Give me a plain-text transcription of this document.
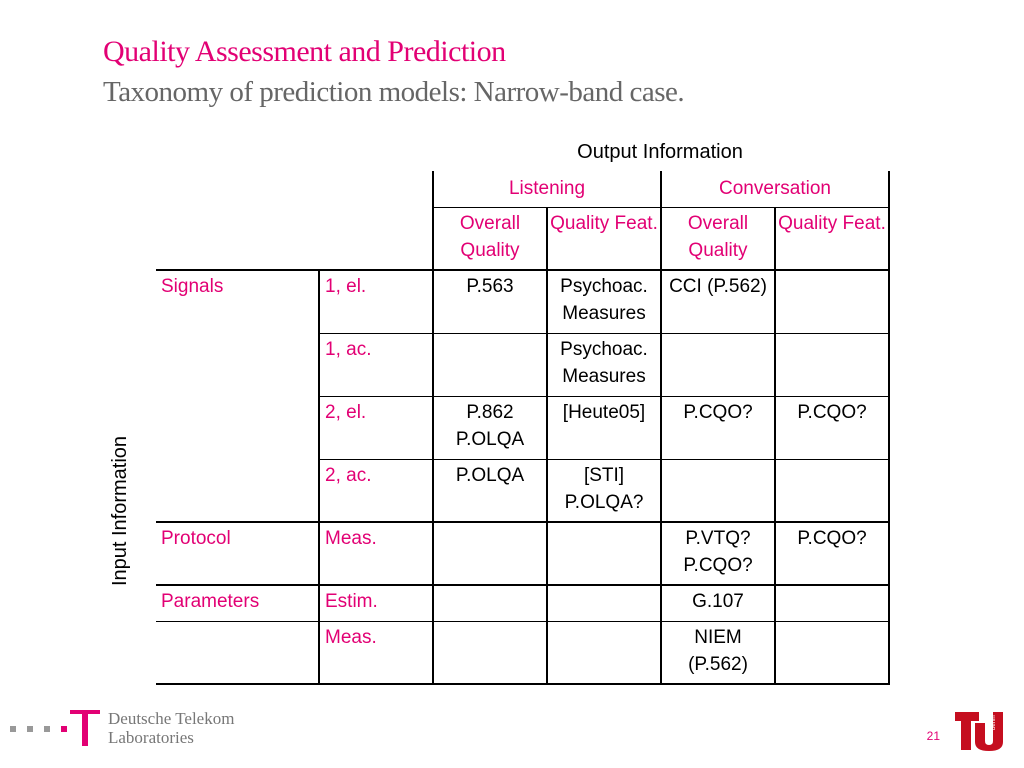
Quality Assessment and Prediction
Taxonomy of prediction models: Narrow-band case.
Output Information
Input Information
		Listening		Conversation	
		Overall Quality	Quality Feat.	Overall Quality	Quality Feat.
Signals	1, el.	P.563	Psychoac. Measures	CCI (P.562)	
	1, ac.		Psychoac. Measures		
	2, el.	P.862 P.OLQA	[Heute05]	P.CQO?	P.CQO?
	2, ac.	P.OLQA	[STI] P.OLQA?		
Protocol	Meas.			P.VTQ? P.CQO?	P.CQO?
Parameters	Estim.			G.107	
	Meas.			NIEM (P.562)	
Deutsche Telekom
Laboratories	21
berlin
